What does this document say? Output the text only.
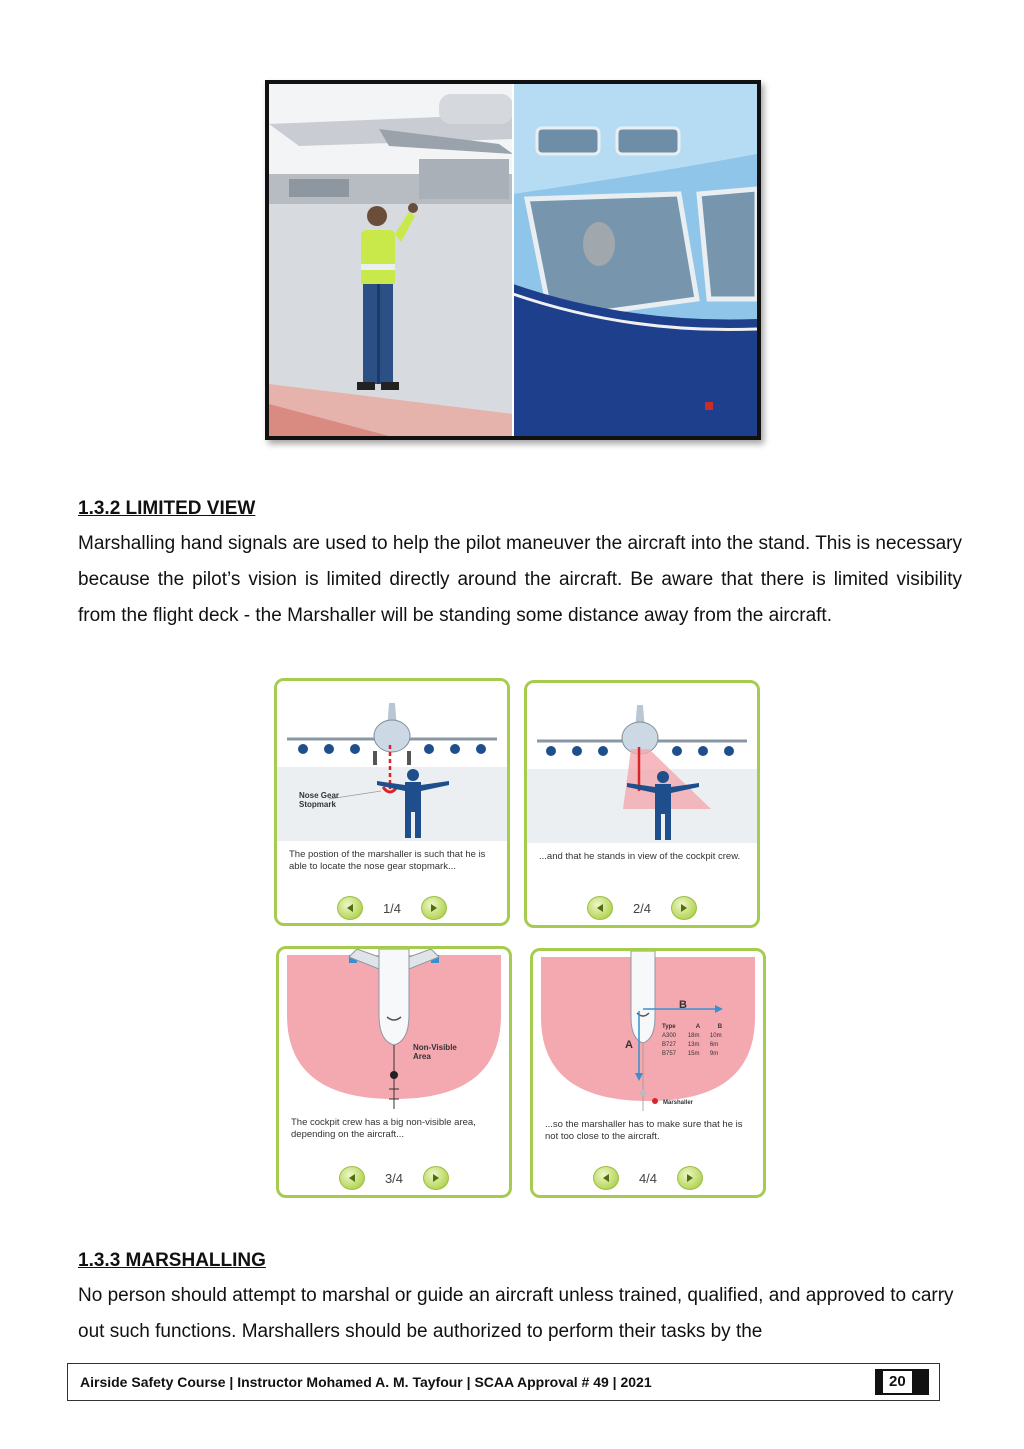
1.3.2 LIMITED VIEW
Marshalling hand signals are used to help the pilot maneuver the aircraft into the stand. This is necessary because the pilot’s vision is limited directly around the aircraft. Be aware that there is limited visibility from the flight deck - the Marshaller will be standing some distance away from the aircraft.
Nose Gear
Stopmark
The postion of the marshaller is such that he is able to locate the nose gear stopmark...
1/4
...and that he stands in view of the cockpit crew.
2/4
Non-Visible
Area
The cockpit crew has a big non-visible area, depending on the aircraft...
3/4
B
A
Type	A	B
A300	18m	10m
B727	13m	6m
B757	15m	9m
Marshaller
...so the marshaller has to make sure that he is not too close to the aircraft.
4/4
1.3.3 MARSHALLING
No person should attempt to marshal or guide an aircraft unless trained, qualified, and approved to carry out such functions. Marshallers should be authorized to perform their tasks by the
Airside Safety Course | Instructor Mohamed A. M. Tayfour | SCAA Approval # 49 | 2021	20
